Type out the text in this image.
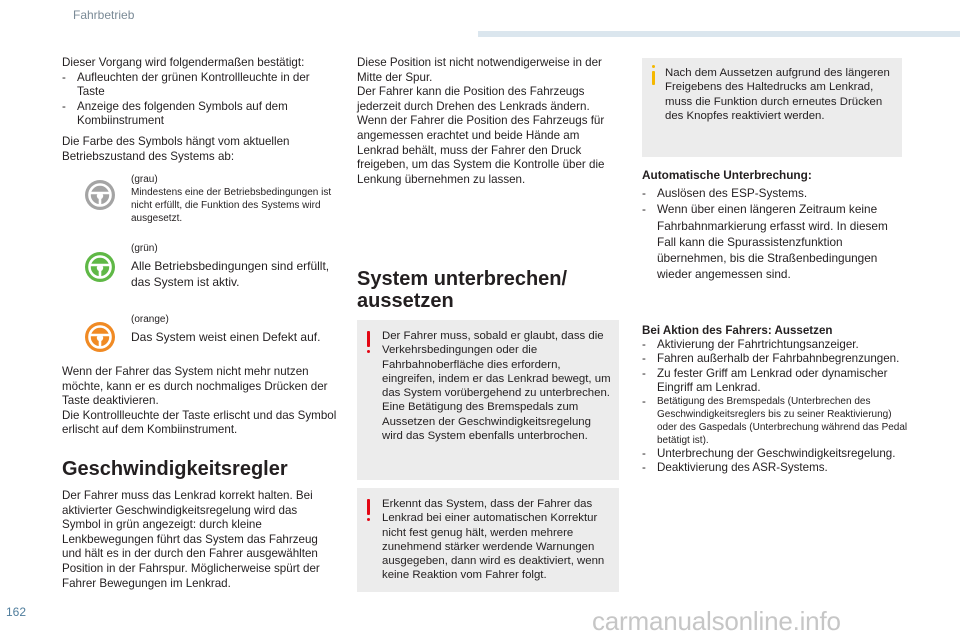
Fahrbetrieb

Dieser Vorgang wird folgendermaßen bestätigt:

- Aufleuchten der grünen Kontrollleuchte in der Taste
- Anzeige des folgenden Symbols auf dem Kombiinstrument

Die Farbe des Symbols hängt vom aktuellen Betriebszustand des Systems ab:

(grau)
Mindestens eine der Betriebsbedingungen ist nicht erfüllt, die Funktion des Systems wird ausgesetzt.
(grün)
Alle Betriebsbedingungen sind erfüllt, das System ist aktiv.
(orange)
Das System weist einen Defekt auf.

Wenn der Fahrer das System nicht mehr nutzen möchte, kann er es durch nochmaliges Drücken der Taste deaktivieren.

Die Kontrollleuchte der Taste erlischt und das Symbol erlischt auf dem Kombiinstrument.

Geschwindigkeitsregler
Der Fahrer muss das Lenkrad korrekt halten. Bei aktivierter Geschwindigkeitsregelung wird das Symbol in grün angezeigt: durch kleine Lenkbewegungen führt das System das Fahrzeug und hält es in der durch den Fahrer ausgewählten Position in der Fahrspur. Möglicherweise spürt der Fahrer Bewegungen im Lenkrad.

Diese Position ist nicht notwendigerweise in der Mitte der Spur.

Der Fahrer kann die Position des Fahrzeugs jederzeit durch Drehen des Lenkrads ändern. Wenn der Fahrer die Position des Fahrzeugs für angemessen erachtet und beide Hände am Lenkrad behält, muss der Fahrer den Druck freigeben, um das System die Kontrolle über die Lenkung übernehmen zu lassen.

System unterbrechen/
aussetzen
Der Fahrer muss, sobald er glaubt, dass die Verkehrsbedingungen oder die Fahrbahnoberfläche dies erfordern, eingreifen, indem er das Lenkrad bewegt, um das System vorübergehend zu unterbrechen. Eine Betätigung des Bremspedals zum Aussetzen der Geschwindigkeitsregelung wird das System ebenfalls unterbrochen.
Erkennt das System, dass der Fahrer das Lenkrad bei einer automatischen Korrektur nicht fest genug hält, werden mehrere zunehmend stärker werdende Warnungen ausgegeben, dann wird es deaktiviert, wenn keine Reaktion vom Fahrer folgt.
Nach dem Aussetzen aufgrund des längeren Freigebens des Haltedrucks am Lenkrad, muss die Funktion durch erneutes Drücken des Knopfes reaktiviert werden.
Automatische Unterbrechung:
- Auslösen des ESP-Systems.
- Wenn über einen längeren Zeitraum keine Fahrbahnmarkierung erfasst wird. In diesem Fall kann die Spurassistenzfunktion übernehmen, bis die Straßenbedingungen wieder angemessen sind.
Bei Aktion des Fahrers: Aussetzen
- Aktivierung der Fahrtrichtungsanzeiger.
- Fahren außerhalb der Fahrbahnbegrenzungen.
- Zu fester Griff am Lenkrad oder dynamischer Eingriff am Lenkrad.
-	Betätigung des Bremspedals (Unterbrechen des Geschwindigkeitsreglers bis zu seiner Reaktivierung) oder des Gaspedals (Unterbrechung während das Pedal betätigt ist).
- Unterbrechung der Geschwindigkeitsregelung.
- Deaktivierung des ASR-Systems.
162	carmanualsonline.info
